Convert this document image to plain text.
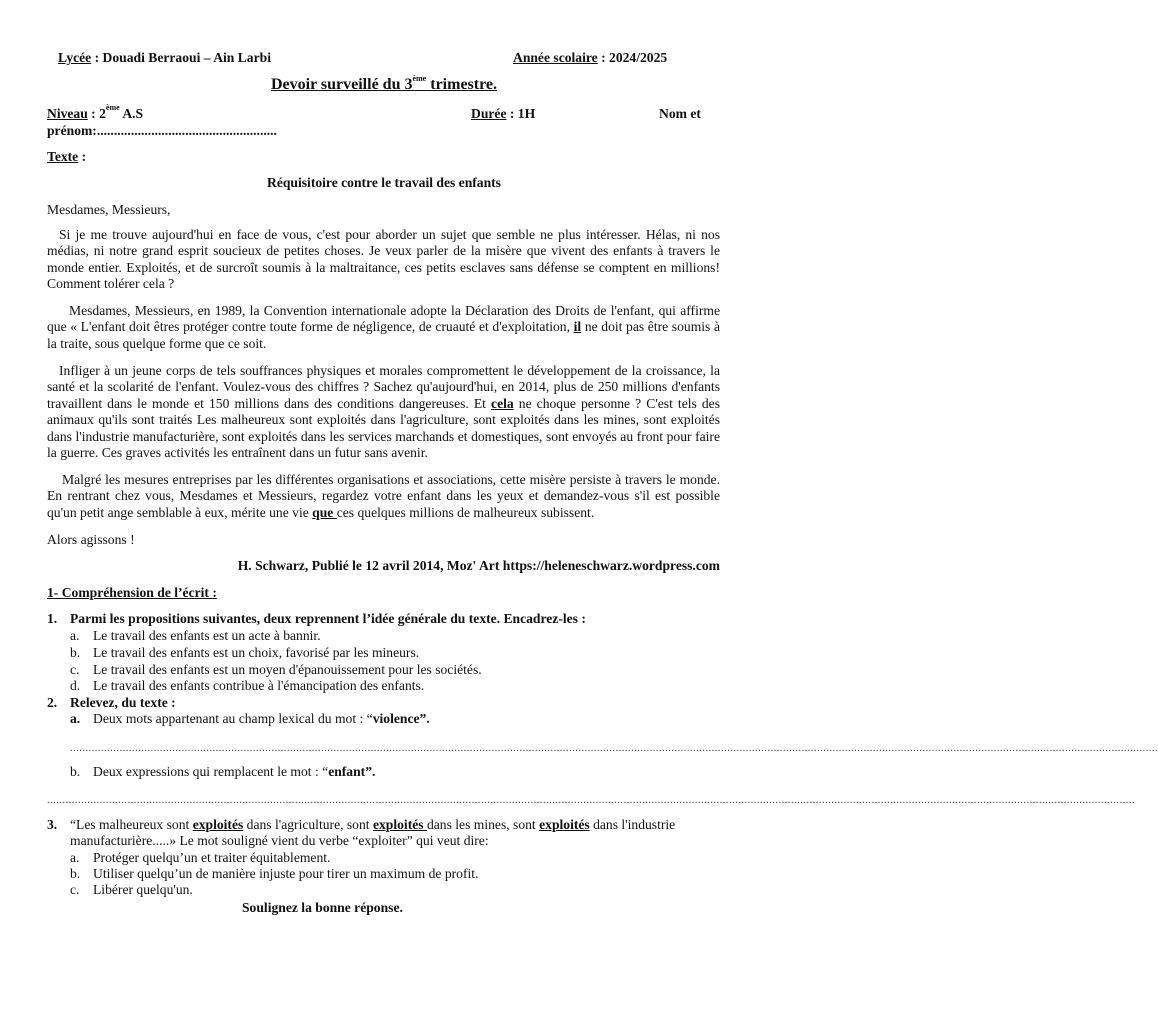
Lycée : Douadi Berraoui – Ain Larbi	Année scolaire : 2024/2025
Devoir surveillé du 3ème trimestre.
Niveau : 2ème A.S	Durée : 1H	Nom et
prénom:.....................................................
Texte :
Réquisitoire contre le travail des enfants
Mesdames, Messieurs,

Si je me trouve aujourd'hui en face de vous, c'est pour aborder un sujet que semble ne plus intéresser. Hélas, ni nos médias, ni notre grand esprit soucieux de petites choses. Je veux parler de la misère que vivent des enfants à travers le monde entier. Exploités, et de surcroît soumis à la maltraitance, ces petits esclaves sans défense se comptent en millions! Comment tolérer cela ?

Mesdames, Messieurs, en 1989, la Convention internationale adopte la Déclaration des Droits de l'enfant, qui affirme que « L'enfant doit êtres protéger contre toute forme de négligence, de cruauté et d'exploitation, il ne doit pas être soumis à la traite, sous quelque forme que ce soit.

Infliger à un jeune corps de tels souffrances physiques et morales compromettent le développement de la croissance, la santé et la scolarité de l'enfant. Voulez-vous des chiffres ? Sachez qu'aujourd'hui, en 2014, plus de 250 millions d'enfants travaillent dans le monde et 150 millions dans des conditions dangereuses. Et cela ne choque personne ? C'est tels des animaux qu'ils sont traités Les malheureux sont exploités dans l'agriculture, sont exploités dans les mines, sont exploités dans l'industrie manufacturière, sont exploités dans les services marchands et domestiques, sont envoyés au front pour faire la guerre. Ces graves activités les entraînent dans un futur sans avenir.

Malgré les mesures entreprises par les différentes organisations et associations, cette misère persiste à travers le monde. En rentrant chez vous, Mesdames et Messieurs, regardez votre enfant dans les yeux et demandez-vous s'il est possible qu'un petit ange semblable à eux, mérite une vie que ces quelques millions de malheureux subissent.

Alors agissons !
H. Schwarz, Publié le 12 avril 2014, Moz' Art https://heleneschwarz.wordpress.com
1- Compréhension de l’écrit :
1. Parmi les propositions suivantes, deux reprennent l’idée générale du texte. Encadrez-les :
a. Le travail des enfants est un acte à bannir.
b. Le travail des enfants est un choix, favorisé par les mineurs.
c. Le travail des enfants est un moyen d'épanouissement pour les sociétés.
d. Le travail des enfants contribue à l'émancipation des enfants.
2. Relevez, du texte :
a. Deux mots appartenant au champ lexical du mot : “violence”.
...............................................................................................................................................................................................................................................................................................................................................................
b. Deux expressions qui remplacent le mot : “enfant”.
...............................................................................................................................................................................................................................................................................................................................................................
3. “Les malheureux sont exploités dans l'agriculture, sont exploités dans les mines, sont exploités dans l'industrie
manufacturière.....» Le mot souligné vient du verbe “exploiter” qui veut dire:
a. Protéger quelqu’un et traiter équitablement.
b. Utiliser quelqu’un de manière injuste pour tirer un maximum de profit.
c. Libérer quelqu'un.
Soulignez la bonne réponse.
